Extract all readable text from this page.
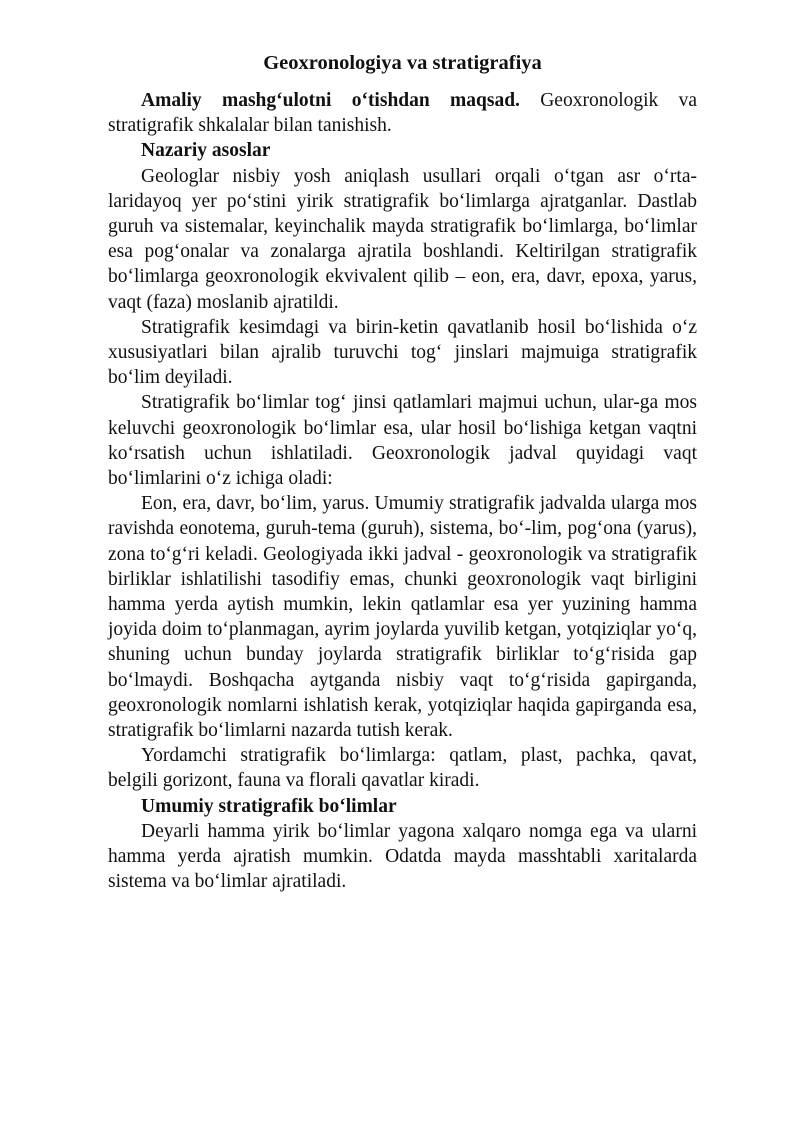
Geoxronologiya va stratigrafiya

Amaliy mashg‘ulotni o‘tishdan maqsad. Geoxronologik va stratigrafik shkalalar bilan tanishish.

Nazariy asoslar

Geologlar nisbiy yosh aniqlash usullari orqali o‘tgan asr o‘rta-laridayoq yer po‘stini yirik stratigrafik bo‘limlarga ajratganlar. Dastlab guruh va sistemalar, keyinchalik mayda stratigrafik bo‘limlarga, bo‘limlar esa pog‘onalar va zonalarga ajratila boshlandi. Keltirilgan stratigrafik bo‘limlarga geoxronologik ekvivalent qilib – eon, era, davr, epoxa, yarus, vaqt (faza) moslanib ajratildi.

Stratigrafik kesimdagi va birin-ketin qavatlanib hosil bo‘lishida o‘z xususiyatlari bilan ajralib turuvchi tog‘ jinslari majmuiga stratigrafik bo‘lim deyiladi.

Stratigrafik bo‘limlar tog‘ jinsi qatlamlari majmui uchun, ular-ga mos keluvchi geoxronologik bo‘limlar esa, ular hosil bo‘lishiga ketgan vaqtni ko‘rsatish uchun ishlatiladi. Geoxronologik jadval quyidagi vaqt bo‘limlarini o‘z ichiga oladi:

Eon, era, davr, bo‘lim, yarus. Umumiy stratigrafik jadvalda ularga mos ravishda eonotema, guruh-tema (guruh), sistema, bo‘-lim, pog‘ona (yarus), zona to‘g‘ri keladi. Geologiyada ikki jadval - geoxronologik va stratigrafik birliklar ishlatilishi tasodifiy emas, chunki geoxronologik vaqt birligini hamma yerda aytish mumkin, lekin qatlamlar esa yer yuzining hamma joyida doim to‘planmagan, ayrim joylarda yuvilib ketgan, yotqiziqlar yo‘q, shuning uchun bunday joylarda stratigrafik birliklar to‘g‘risida gap bo‘lmaydi. Boshqacha aytganda nisbiy vaqt to‘g‘risida gapirganda, geoxronologik nomlarni ishlatish kerak, yotqiziqlar haqida gapirganda esa, stratigrafik bo‘limlarni nazarda tutish kerak.

Yordamchi stratigrafik bo‘limlarga: qatlam, plast, pachka, qavat, belgili gorizont, fauna va florali qavatlar kiradi.

Umumiy stratigrafik bo‘limlar

Deyarli hamma yirik bo‘limlar yagona xalqaro nomga ega va ularni hamma yerda ajratish mumkin. Odatda mayda masshtabli xaritalarda sistema va bo‘limlar ajratiladi.
